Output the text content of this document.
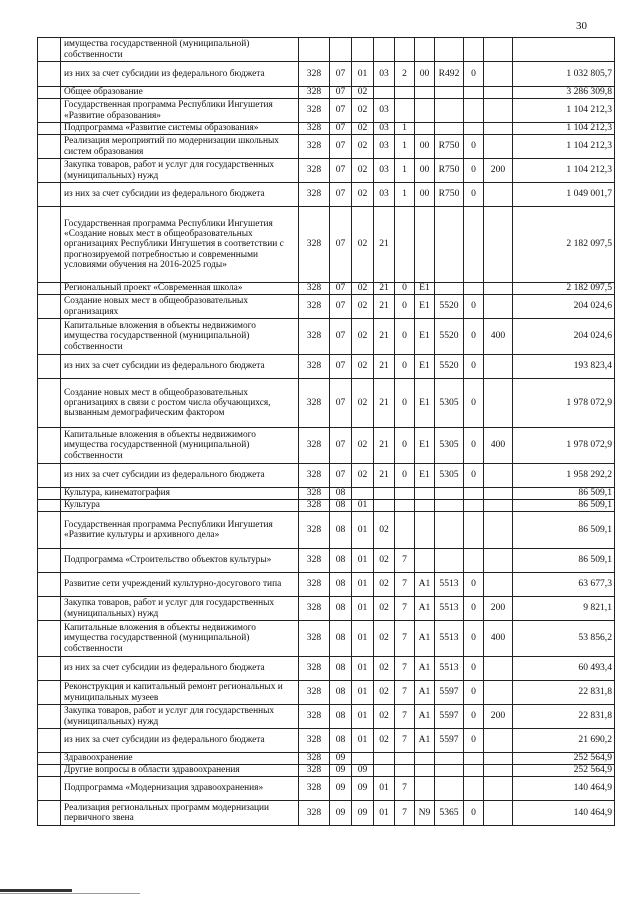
30
	имущества государственной (муниципальной) собственности										
	из них за счет субсидии из федерального бюджета	328	07	01	03	2	00	R492	0		1 032 805,7
	Общее образование	328	07	02							3 286 309,8
	Государственная программа Республики Ингушетия «Развитие образования»	328	07	02	03						1 104 212,3
	Подпрограмма «Развитие системы образования»	328	07	02	03	1					1 104 212,3
	Реализация мероприятий по модернизации школьных систем образования	328	07	02	03	1	00	R750	0		1 104 212,3
	Закупка товаров, работ и услуг для государственных (муниципальных) нужд	328	07	02	03	1	00	R750	0	200	1 104 212,3
	из них за счет субсидии из федерального бюджета	328	07	02	03	1	00	R750	0		1 049 001,7
	Государственная программа Республики Ингушетия «Создание новых мест в общеобразовательных организациях Республики Ингушетия в соответствии с прогнозируемой потребностью и современными условиями обучения на 2016-2025 годы»	328	07	02	21						2 182 097,5
	Региональный проект «Современная школа»	328	07	02	21	0	E1				2 182 097,5
	Создание новых мест в общеобразовательных организациях	328	07	02	21	0	E1	5520	0		204 024,6
	Капитальные вложения в объекты недвижимого имущества государственной (муниципальной) собственности	328	07	02	21	0	E1	5520	0	400	204 024,6
	из них за счет субсидии из федерального бюджета	328	07	02	21	0	E1	5520	0		193 823,4
	Создание новых мест в общеобразовательных организациях в связи с ростом числа обучающихся, вызванным демографическим фактором	328	07	02	21	0	E1	5305	0		1 978 072,9
	Капитальные вложения в объекты недвижимого имущества государственной (муниципальной) собственности	328	07	02	21	0	E1	5305	0	400	1 978 072,9
	из них за счет субсидии из федерального бюджета	328	07	02	21	0	E1	5305	0		1 958 292,2
	Культура, кинематография	328	08								86 509,1
	Культура	328	08	01							86 509,1
	Государственная программа Республики Ингушетия «Развитие культуры и архивного дела»	328	08	01	02						86 509,1
	Подпрограмма «Строительство объектов культуры»	328	08	01	02	7					86 509,1
	Развитие сети учреждений культурно-досугового типа	328	08	01	02	7	A1	5513	0		63 677,3
	Закупка товаров, работ и услуг для государственных (муниципальных) нужд	328	08	01	02	7	A1	5513	0	200	9 821,1
	Капитальные вложения в объекты недвижимого имущества государственной (муниципальной) собственности	328	08	01	02	7	A1	5513	0	400	53 856,2
	из них за счет субсидии из федерального бюджета	328	08	01	02	7	A1	5513	0		60 493,4
	Реконструкция и капитальный ремонт региональных и муниципальных музеев	328	08	01	02	7	A1	5597	0		22 831,8
	Закупка товаров, работ и услуг для государственных (муниципальных) нужд	328	08	01	02	7	A1	5597	0	200	22 831,8
	из них за счет субсидии из федерального бюджета	328	08	01	02	7	A1	5597	0		21 690,2
	Здравоохранение	328	09								252 564,9
	Другие вопросы в области здравоохранения	328	09	09							252 564,9
	Подпрограмма «Модернизация здравоохранения»	328	09	09	01	7					140 464,9
	Реализация региональных программ модернизации первичного звена	328	09	09	01	7	N9	5365	0		140 464,9
